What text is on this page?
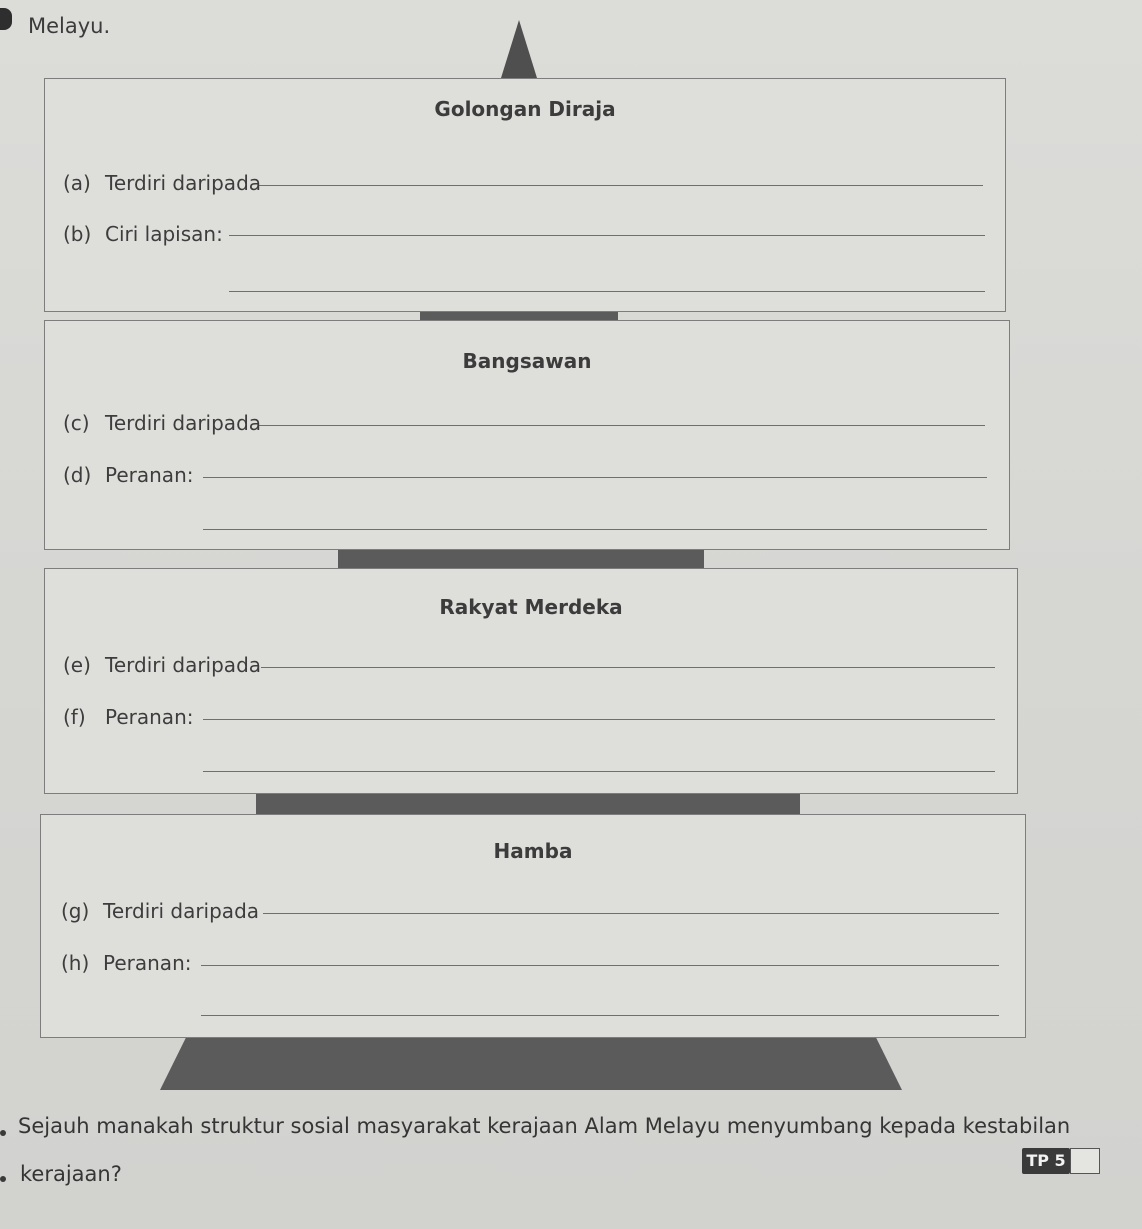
Melayu.
Golongan Diraja
(a) Terdiri daripada
(b) Ciri lapisan:
Bangsawan
(c) Terdiri daripada
(d) Peranan:
Rakyat Merdeka
(e) Terdiri daripada
(f) Peranan:
Hamba
(g) Terdiri daripada
(h) Peranan:
Sejauh manakah struktur sosial masyarakat kerajaan Alam Melayu menyumbang kepada kestabilan
kerajaan?
TP 5
